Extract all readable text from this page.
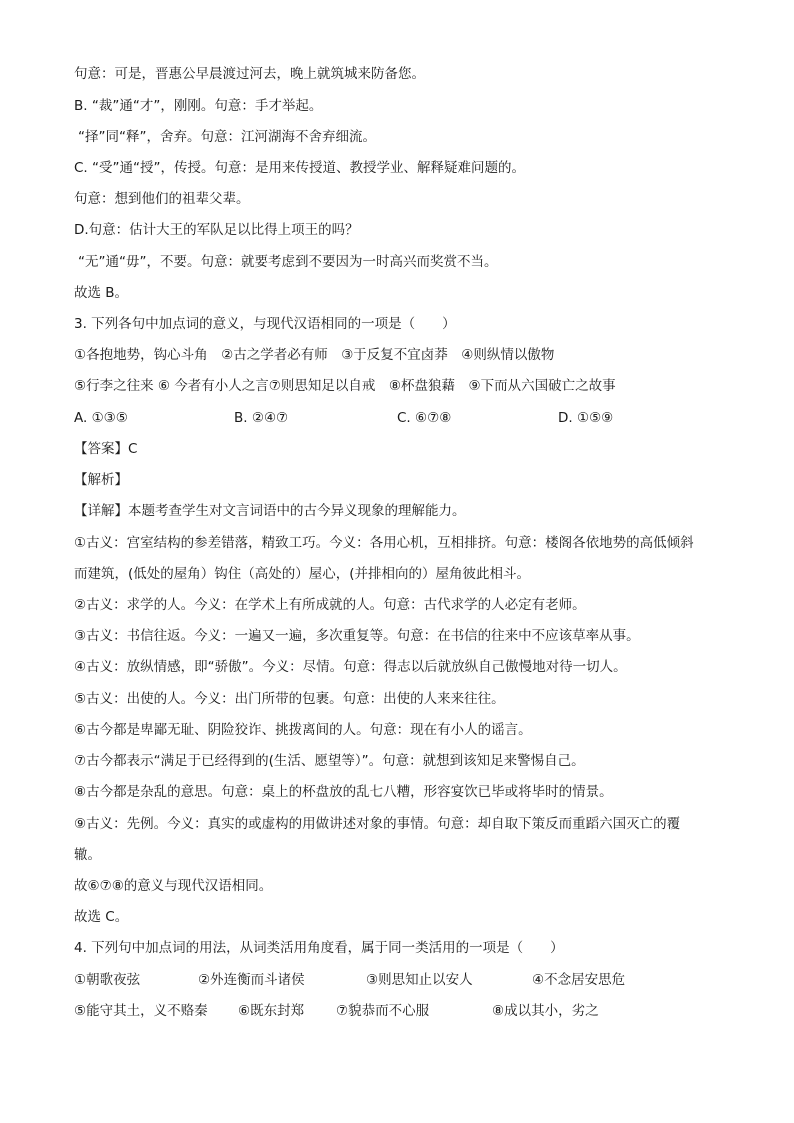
句意：可是，晋惠公早晨渡过河去，晚上就筑城来防备您。
B. “裁”通“才”，刚刚。句意：手才举起。
“择”同“释”，舍弃。句意：江河湖海不舍弃细流。
C. “受”通“授”，传授。句意：是用来传授道、教授学业、解释疑难问题的。
句意：想到他们的祖辈父辈。
D.句意：估计大王的军队足以比得上项王的吗？
“无”通“毋”，不要。句意：就要考虑到不要因为一时高兴而奖赏不当。
故选 B。
3. 下列各句中加点词的意义，与现代汉语相同的一项是（　　）
①各抱地势，钩心斗角　②古之学者必有师　③于反复不宜卤莽　④则纵情以傲物
⑤行李之往来 ⑥ 今者有小人之言⑦则思知足以自戒　⑧杯盘狼藉　⑨下而从六国破亡之故事
A. ①③⑤	B. ②④⑦	C. ⑥⑦⑧	D. ①⑤⑨
【答案】C
【解析】
【详解】本题考查学生对文言词语中的古今异义现象的理解能力。
①古义：宫室结构的参差错落，精致工巧。今义：各用心机，互相排挤。句意：楼阁各依地势的高低倾斜
而建筑，(低处的屋角）钩住（高处的）屋心，(并排相向的）屋角彼此相斗。
②古义：求学的人。今义：在学术上有所成就的人。句意：古代求学的人必定有老师。
③古义：书信往返。今义：一遍又一遍，多次重复等。句意：在书信的往来中不应该草率从事。
④古义：放纵情感，即“骄傲”。今义：尽情。句意：得志以后就放纵自己傲慢地对待一切人。
⑤古义：出使的人。今义：出门所带的包裹。句意：出使的人来来往往。
⑥古今都是卑鄙无耻、阴险狡诈、挑拨离间的人。句意：现在有小人的谣言。
⑦古今都表示“满足于已经得到的(生活、愿望等）”。句意：就想到该知足来警惕自己。
⑧古今都是杂乱的意思。句意：桌上的杯盘放的乱七八糟，形容宴饮已毕或将毕时的情景。
⑨古义：先例。今义：真实的或虚构的用做讲述对象的事情。句意：却自取下策反而重蹈六国灭亡的覆
辙。
故⑥⑦⑧的意义与现代汉语相同。
故选 C。
4. 下列句中加点词的用法，从词类活用角度看，属于同一类活用的一项是（　　）
①朝歌夜弦	②外连衡而斗诸侯	③则思知止以安人	④不念居安思危
⑤能守其土，义不赂秦 ⑥既东封郑 ⑦貌恭而不心服	⑧成以其小，劣之
